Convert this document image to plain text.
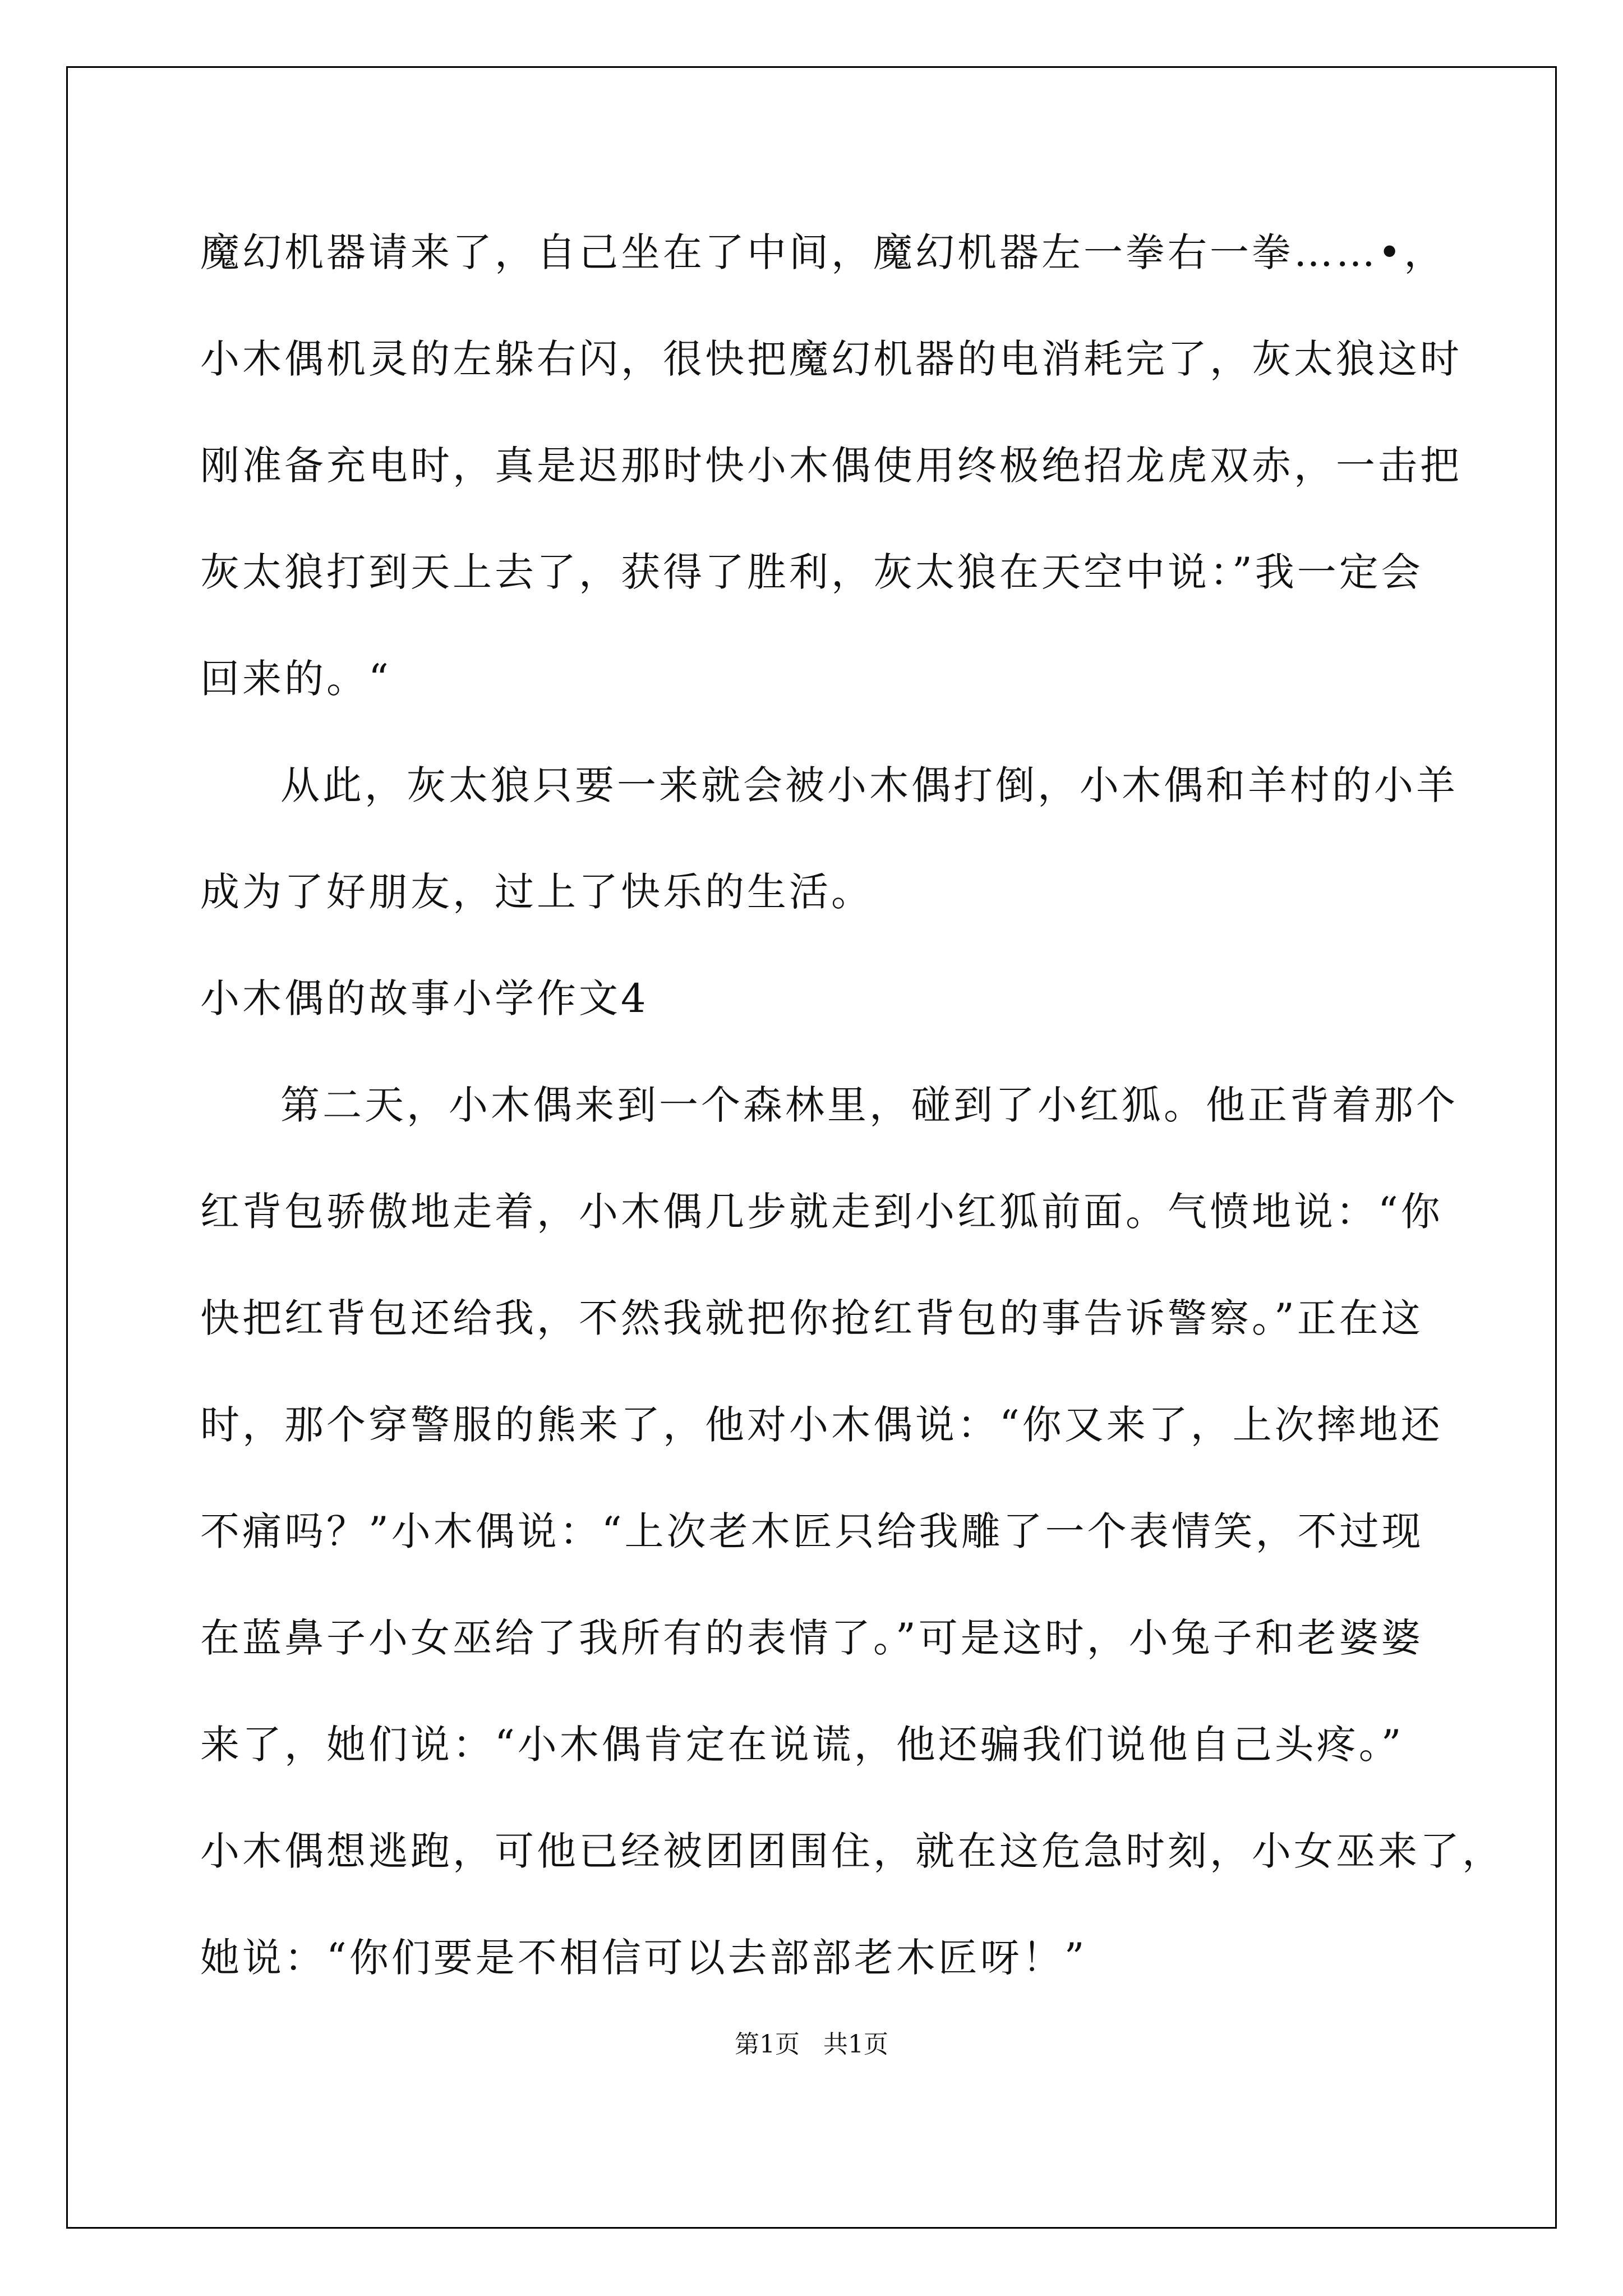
魔幻机器请来了，自己坐在了中间，魔幻机器左一拳右一拳……•，
小木偶机灵的左躲右闪，很快把魔幻机器的电消耗完了，灰太狼这时
刚准备充电时，真是迟那时快小木偶使用终极绝招龙虎双赤，一击把
灰太狼打到天上去了，获得了胜利，灰太狼在天空中说：”我一定会
回来的。“
从此，灰太狼只要一来就会被小木偶打倒，小木偶和羊村的小羊
成为了好朋友，过上了快乐的生活。
小木偶的故事小学作文4
第二天，小木偶来到一个森林里，碰到了小红狐。他正背着那个
红背包骄傲地走着，小木偶几步就走到小红狐前面。气愤地说：“你
快把红背包还给我，不然我就把你抢红背包的事告诉警察。”正在这
时，那个穿警服的熊来了，他对小木偶说：“你又来了，上次摔地还
不痛吗？”小木偶说：“上次老木匠只给我雕了一个表情笑，不过现
在蓝鼻子小女巫给了我所有的表情了。”可是这时，小兔子和老婆婆
来了，她们说：“小木偶肯定在说谎，他还骗我们说他自己头疼。”
小木偶想逃跑，可他已经被团团围住，就在这危急时刻，小女巫来了，
她说：“你们要是不相信可以去部部老木匠呀！”
第1页   共1页
